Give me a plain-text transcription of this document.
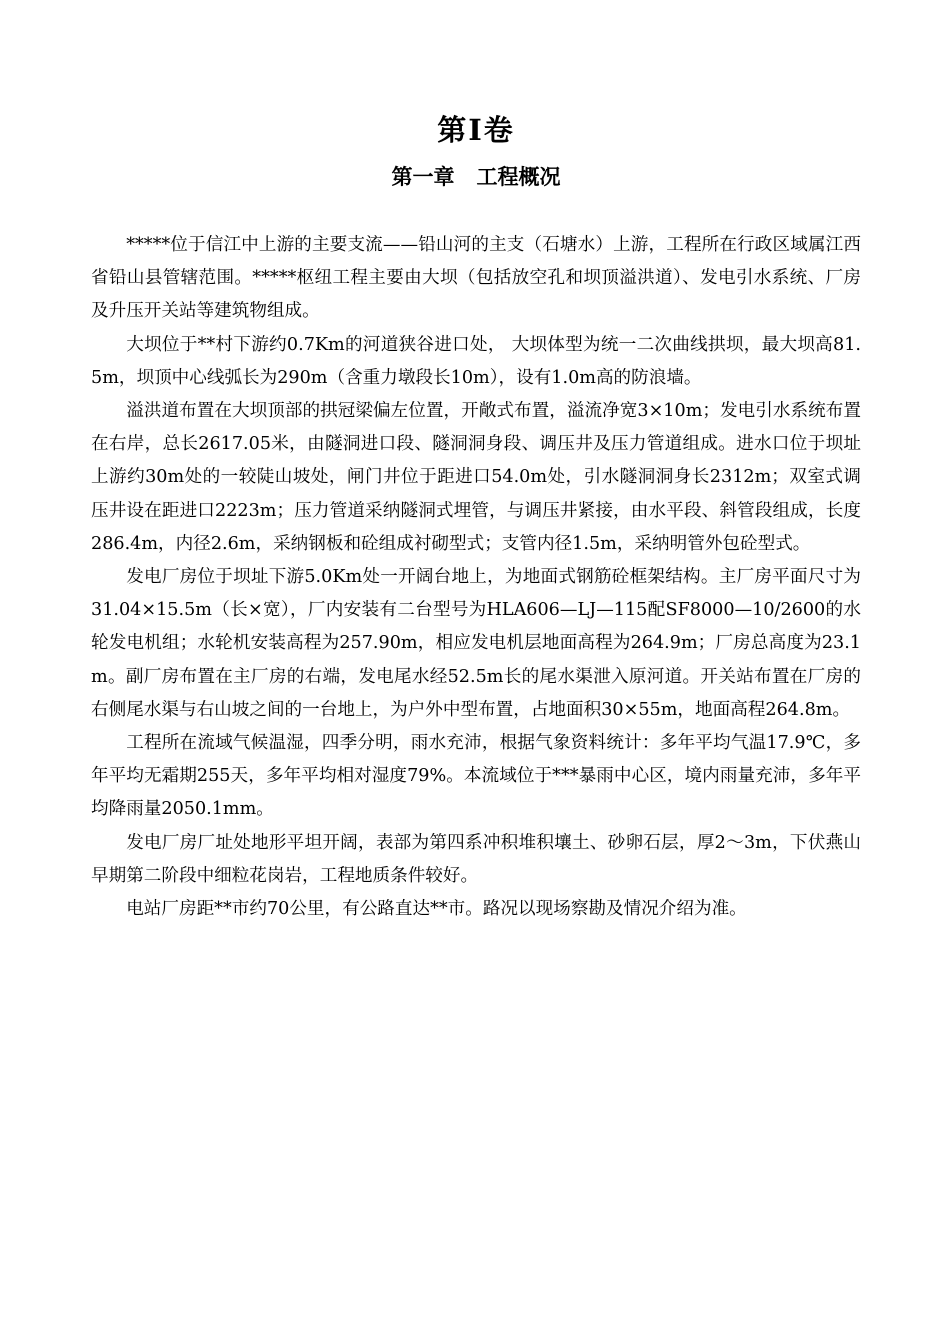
第Ⅰ卷
第一章   工程概况

*****位于信江中上游的主要支流——铅山河的主支（石塘水）上游，工程所在行政区域属江西省铅山县管辖范围。*****枢纽工程主要由大坝（包括放空孔和坝顶溢洪道）、发电引水系统、厂房及升压开关站等建筑物组成。

大坝位于**村下游约0.7Km的河道狭谷进口处， 大坝体型为统一二次曲线拱坝，最大坝高81.5m，坝顶中心线弧长为290m（含重力墩段长10m），设有1.0m高的防浪墙。

溢洪道布置在大坝顶部的拱冠梁偏左位置，开敞式布置，溢流净宽3×10m；发电引水系统布置在右岸，总长2617.05米，由隧洞进口段、隧洞洞身段、调压井及压力管道组成。进水口位于坝址上游约30m处的一较陡山坡处，闸门井位于距进口54.0m处，引水隧洞洞身长2312m；双室式调压井设在距进口2223m；压力管道采纳隧洞式埋管，与调压井紧接，由水平段、斜管段组成，长度286.4m，内径2.6m，采纳钢板和砼组成衬砌型式；支管内径1.5m，采纳明管外包砼型式。

发电厂房位于坝址下游5.0Km处一开阔台地上，为地面式钢筋砼框架结构。主厂房平面尺寸为31.04×15.5m（长×宽），厂内安装有二台型号为HLA606—LJ—115配SF8000—10/2600的水轮发电机组；水轮机安装高程为257.90m，相应发电机层地面高程为264.9m；厂房总高度为23.1m。副厂房布置在主厂房的右端，发电尾水经52.5m长的尾水渠泄入原河道。开关站布置在厂房的右侧尾水渠与右山坡之间的一台地上，为户外中型布置，占地面积30×55m，地面高程264.8m。

工程所在流域气候温湿，四季分明，雨水充沛，根据气象资料统计：多年平均气温17.9℃，多年平均无霜期255天，多年平均相对湿度79%。本流域位于***暴雨中心区，境内雨量充沛，多年平均降雨量2050.1mm。

发电厂房厂址处地形平坦开阔，表部为第四系冲积堆积壤土、砂卵石层，厚2～3m，下伏燕山早期第二阶段中细粒花岗岩，工程地质条件较好。

电站厂房距**市约70公里，有公路直达**市。路况以现场察勘及情况介绍为准。
